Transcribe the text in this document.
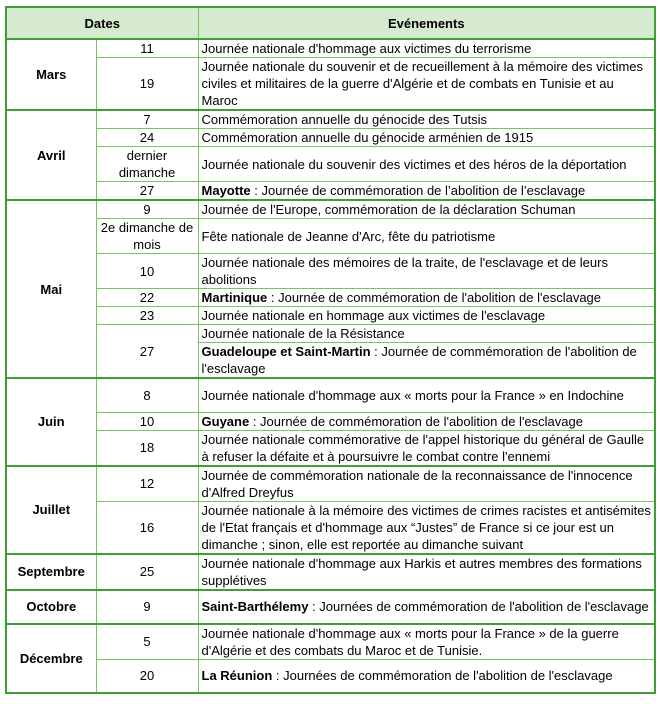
Dates		Evénements
Mars	11	Journée nationale d'hommage aux victimes du terrorisme
	19	Journée nationale du souvenir et de recueillement à la mémoire des victimes civiles et militaires de la guerre d'Algérie et de combats en Tunisie et au Maroc
Avril	7	Commémoration annuelle du génocide des Tutsis
	24	Commémoration annuelle du génocide arménien de 1915
	dernier dimanche	Journée nationale du souvenir des victimes et des héros de la déportation
	27	Mayotte : Journée de commémoration de l’abolition de l’esclavage
Mai	9	Journée de l'Europe, commémoration de la déclaration Schuman
	2e dimanche de mois	Fête nationale de Jeanne d'Arc, fête du patriotisme
	10	Journée nationale des mémoires de la traite, de l'esclavage et de leurs abolitions
	22	Martinique : Journée de commémoration de l'abolition de l'esclavage
	23	Journée nationale en hommage aux victimes de l'esclavage
	27	Journée nationale de la Résistance
		Guadeloupe et Saint-Martin : Journée de commémoration de l'abolition de l'esclavage
Juin	8	Journée nationale d'hommage aux « morts pour la France » en Indochine
	10	Guyane : Journée de commémoration de l'abolition de l'esclavage
	18	Journée nationale commémorative de l'appel historique du général de Gaulle à refuser la défaite et à poursuivre le combat contre l'ennemi
Juillet	12	Journée de commémoration nationale de la reconnaissance de l'innocence d'Alfred Dreyfus
	16	Journée nationale à la mémoire des victimes de crimes racistes et antisémites de l'Etat français et d'hommage aux “Justes” de France si ce jour est un dimanche ; sinon, elle est reportée au dimanche suivant
Septembre	25	Journée nationale d'hommage aux Harkis et autres membres des formations supplétives
Octobre	9	Saint-Barthélemy : Journées de commémoration de l'abolition de l'esclavage
Décembre	5	Journée nationale d'hommage aux « morts pour la France » de la guerre d'Algérie et des combats du Maroc et de Tunisie.
	20	La Réunion : Journées de commémoration de l'abolition de l'esclavage
